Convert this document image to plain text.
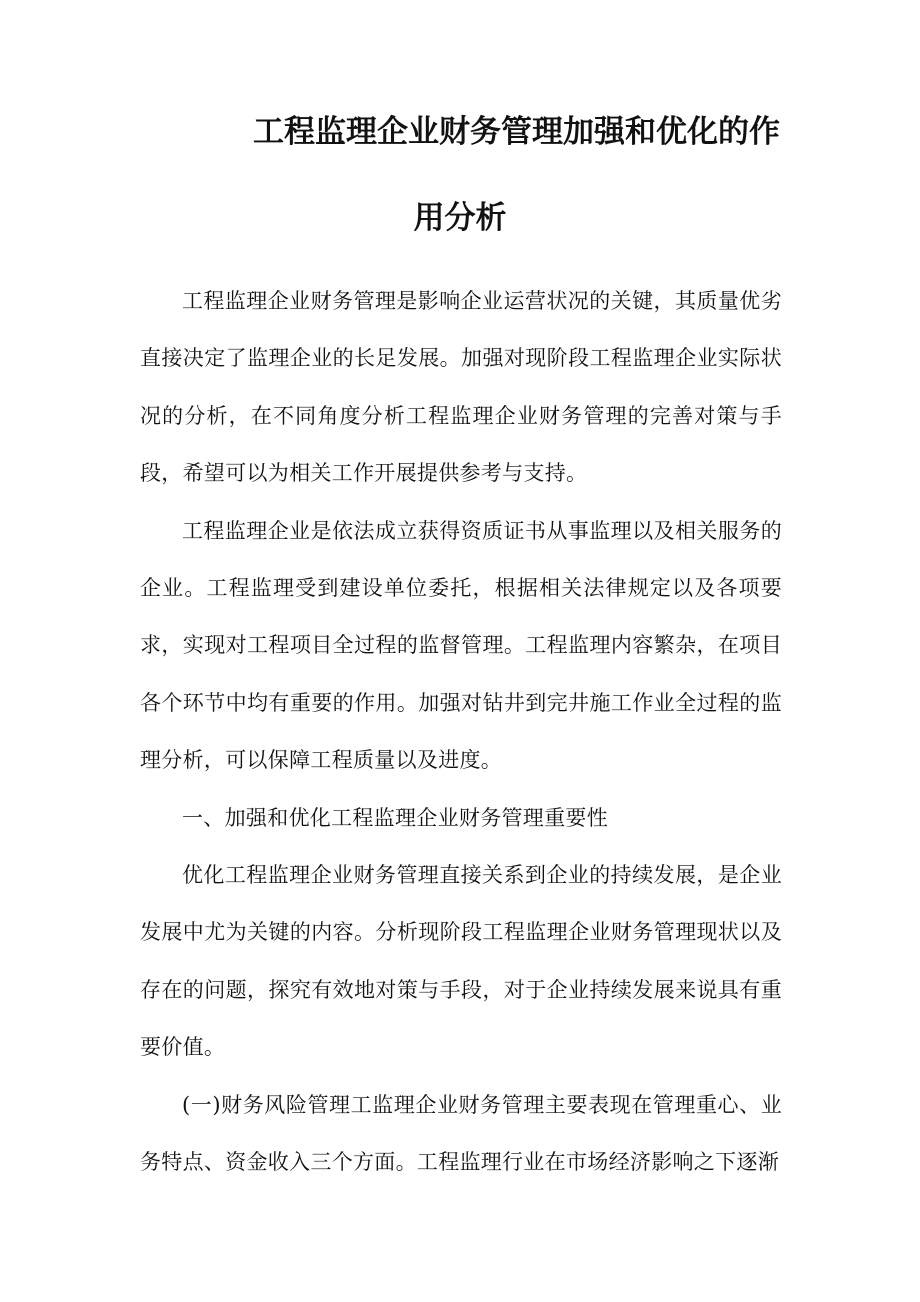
工程监理企业财务管理加强和优化的作
用分析

工程监理企业财务管理是影响企业运营状况的关键，其质量优劣直接决定了监理企业的长足发展。加强对现阶段工程监理企业实际状况的分析，在不同角度分析工程监理企业财务管理的完善对策与手段，希望可以为相关工作开展提供参考与支持。

工程监理企业是依法成立获得资质证书从事监理以及相关服务的企业。工程监理受到建设单位委托，根据相关法律规定以及各项要求，实现对工程项目全过程的监督管理。工程监理内容繁杂，在项目各个环节中均有重要的作用。加强对钻井到完井施工作业全过程的监理分析，可以保障工程质量以及进度。

一、加强和优化工程监理企业财务管理重要性

优化工程监理企业财务管理直接关系到企业的持续发展，是企业发展中尤为关键的内容。分析现阶段工程监理企业财务管理现状以及存在的问题，探究有效地对策与手段，对于企业持续发展来说具有重要价值。

(一)财务风险管理工监理企业财务管理主要表现在管理重心、业务特点、资金收入三个方面。工程监理行业在市场经济影响之下逐渐
